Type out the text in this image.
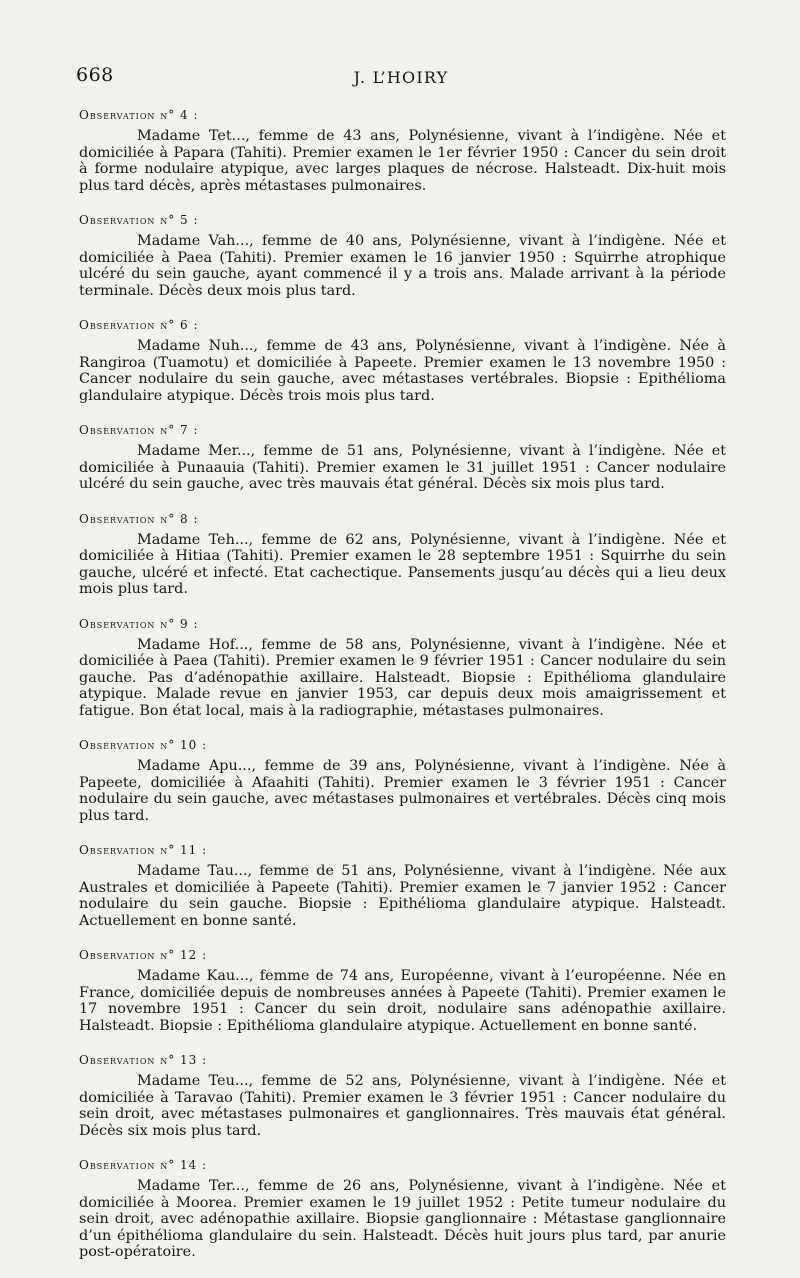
668	J. L’HOIRY
Observation n° 4 :

Madame Tet..., femme de 43 ans, Polynésienne, vivant à l’indigène. Née et domiciliée à Papara (Tahiti). Premier examen le 1er février 1950 : Cancer du sein droit à forme nodulaire atypique, avec larges plaques de nécrose. Halsteadt. Dix-huit mois plus tard décès, après métastases pulmonaires.

Observation n° 5 :

Madame Vah..., femme de 40 ans, Polynésienne, vivant à l’indigène. Née et domiciliée à Paea (Tahiti). Premier examen le 16 janvier 1950 : Squirrhe atrophique ulcéré du sein gauche, ayant commencé il y a trois ans. Malade arrivant à la période terminale. Décès deux mois plus tard.

Observation n° 6 :

Madame Nuh..., femme de 43 ans, Polynésienne, vivant à l’indigène. Née à Rangiroa (Tuamotu) et domiciliée à Papeete. Premier examen le 13 novembre 1950 : Cancer nodulaire du sein gauche, avec métastases vertébrales. Biopsie : Epithélioma glandulaire atypique. Décès trois mois plus tard.

Observation n° 7 :

Madame Mer..., femme de 51 ans, Polynésienne, vivant à l’indigène. Née et domiciliée à Punaauia (Tahiti). Premier examen le 31 juillet 1951 : Cancer nodulaire ulcéré du sein gauche, avec très mauvais état général. Décès six mois plus tard.

Observation n° 8 :

Madame Teh..., femme de 62 ans, Polynésienne, vivant à l’indigène. Née et domiciliée à Hitiaa (Tahiti). Premier examen le 28 septembre 1951 : Squirrhe du sein gauche, ulcéré et infecté. Etat cachectique. Pansements jusqu’au décès qui a lieu deux mois plus tard.

Observation n° 9 :

Madame Hof..., femme de 58 ans, Polynésienne, vivant à l’indigène. Née et domiciliée à Paea (Tahiti). Premier examen le 9 février 1951 : Cancer nodulaire du sein gauche. Pas d’adénopathie axillaire. Halsteadt. Biopsie : Epithélioma glandulaire atypique. Malade revue en janvier 1953, car depuis deux mois amaigrissement et fatigue. Bon état local, mais à la radiographie, métastases pulmonaires.

Observation n° 10 :

Madame Apu..., femme de 39 ans, Polynésienne, vivant à l’indigène. Née à Papeete, domiciliée à Afaahiti (Tahiti). Premier examen le 3 février 1951 : Cancer nodulaire du sein gauche, avec métastases pulmonaires et vertébrales. Décès cinq mois plus tard.

Observation n° 11 :

Madame Tau..., femme de 51 ans, Polynésienne, vivant à l’indigène. Née aux Australes et domiciliée à Papeete (Tahiti). Premier examen le 7 janvier 1952 : Cancer nodulaire du sein gauche. Biopsie : Epithélioma glandulaire atypique. Halsteadt. Actuellement en bonne santé.

Observation n° 12 :

Madame Kau..., femme de 74 ans, Européenne, vivant à l’européenne. Née en France, domiciliée depuis de nombreuses années à Papeete (Tahiti). Premier examen le 17 novembre 1951 : Cancer du sein droit, nodulaire sans adénopathie axillaire. Halsteadt. Biopsie : Epithélioma glandulaire atypique. Actuellement en bonne santé.

Observation n° 13 :

Madame Teu..., femme de 52 ans, Polynésienne, vivant à l’indigène. Née et domiciliée à Taravao (Tahiti). Premier examen le 3 février 1951 : Cancer nodulaire du sein droit, avec métastases pulmonaires et ganglionnaires. Très mauvais état général. Décès six mois plus tard.

Observation n° 14 :

Madame Ter..., femme de 26 ans, Polynésienne, vivant à l’indigène. Née et domiciliée à Moorea. Premier examen le 19 juillet 1952 : Petite tumeur nodulaire du sein droit, avec adénopathie axillaire. Biopsie ganglionnaire : Métastase ganglionnaire d’un épithélioma glandulaire du sein. Halsteadt. Décès huit jours plus tard, par anurie post-opératoire.
